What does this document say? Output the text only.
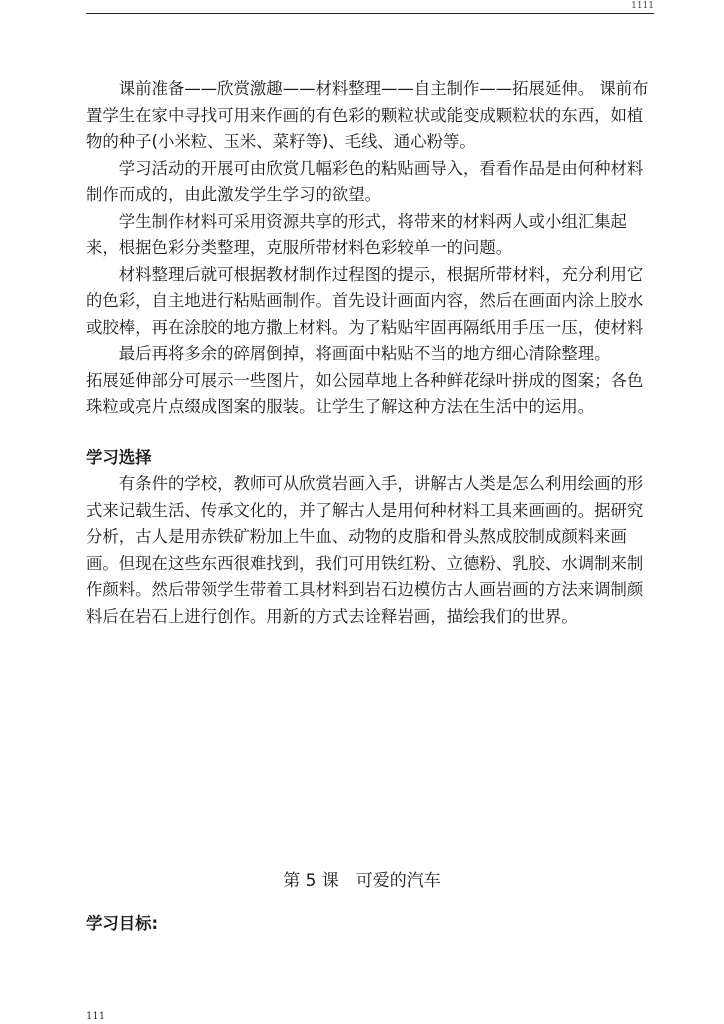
1111

课前准备——欣赏激趣——材料整理——自主制作——拓展延伸。 课前布置学生在家中寻找可用来作画的有色彩的颗粒状或能变成颗粒状的东西，如植物的种子(小米粒、玉米、菜籽等)、毛线、通心粉等。

学习活动的开展可由欣赏几幅彩色的粘贴画导入，看看作品是由何种材料制作而成的，由此激发学生学习的欲望。

学生制作材料可采用资源共享的形式，将带来的材料两人或小组汇集起来，根据色彩分类整理，克服所带材料色彩较单一的问题。

材料整理后就可根据教材制作过程图的提示，根据所带材料，充分利用它的色彩，自主地进行粘贴画制作。首先设计画面内容，然后在画面内涂上胶水或胶棒，再在涂胶的地方撒上材料。为了粘贴牢固再隔纸用手压一压，使材料

最后再将多余的碎屑倒掉，将画面中粘贴不当的地方细心清除整理。

拓展延伸部分可展示一些图片，如公园草地上各种鲜花绿叶拼成的图案；各色珠粒或亮片点缀成图案的服装。让学生了解这种方法在生活中的运用。

学习选择

有条件的学校，教师可从欣赏岩画入手，讲解古人类是怎么利用绘画的形式来记载生活、传承文化的，并了解古人是用何种材料工具来画画的。据研究分析，古人是用赤铁矿粉加上牛血、动物的皮脂和骨头熬成胶制成颜料来画画。但现在这些东西很难找到，我们可用铁红粉、立德粉、乳胶、水调制来制作颜料。然后带领学生带着工具材料到岩石边模仿古人画岩画的方法来调制颜料后在岩石上进行创作。用新的方式去诠释岩画，描绘我们的世界。

第 5 课　可爱的汽车
学习目标:
111
